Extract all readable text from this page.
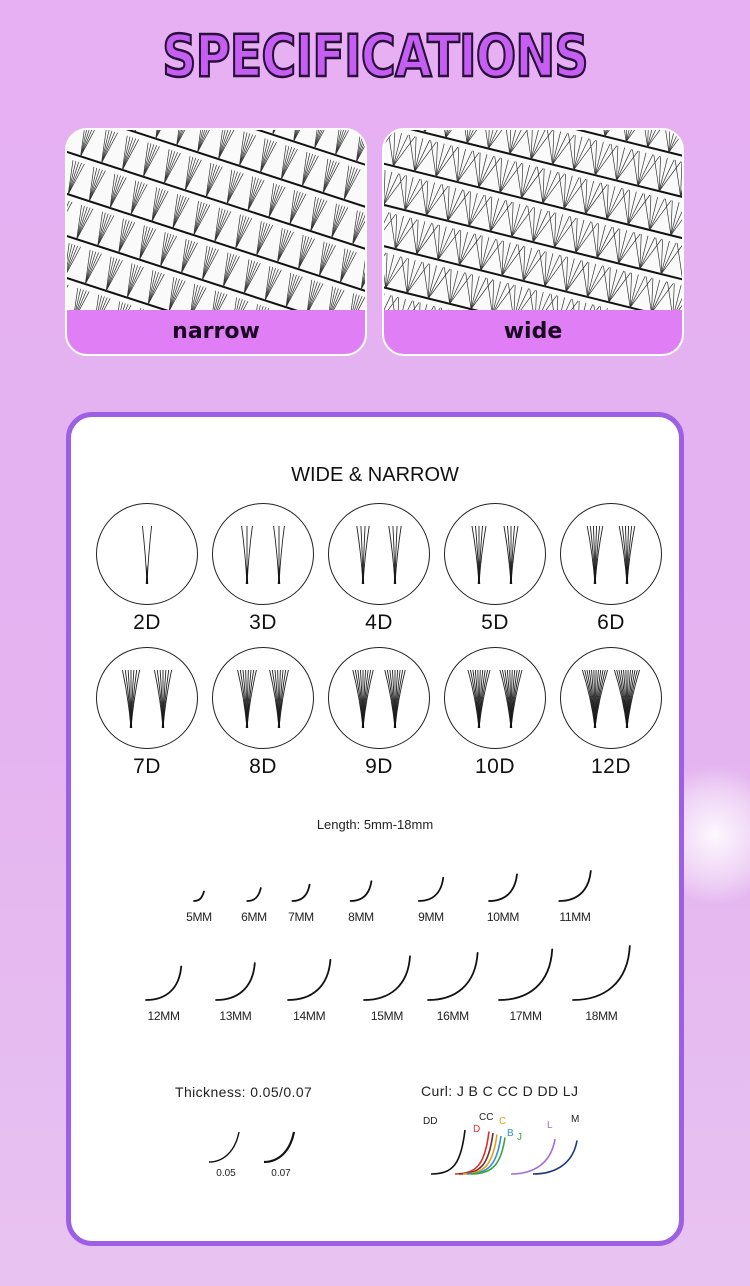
SPECIFICATIONS
narrow	wide
WIDE & NARROW
2D	3D	4D	5D	6D
7D	8D	9D	10D	12D
Length: 5mm-18mm
5MM	6MM	7MM	8MM	9MM	10MM	11MM
12MM	13MM	14MM	15MM	16MM	17MM	18MM
Thickness: 0.05/0.07
0.05	0.07
Curl: J B C CC D DD LJ
DD
D
CC C
B J
L
M
